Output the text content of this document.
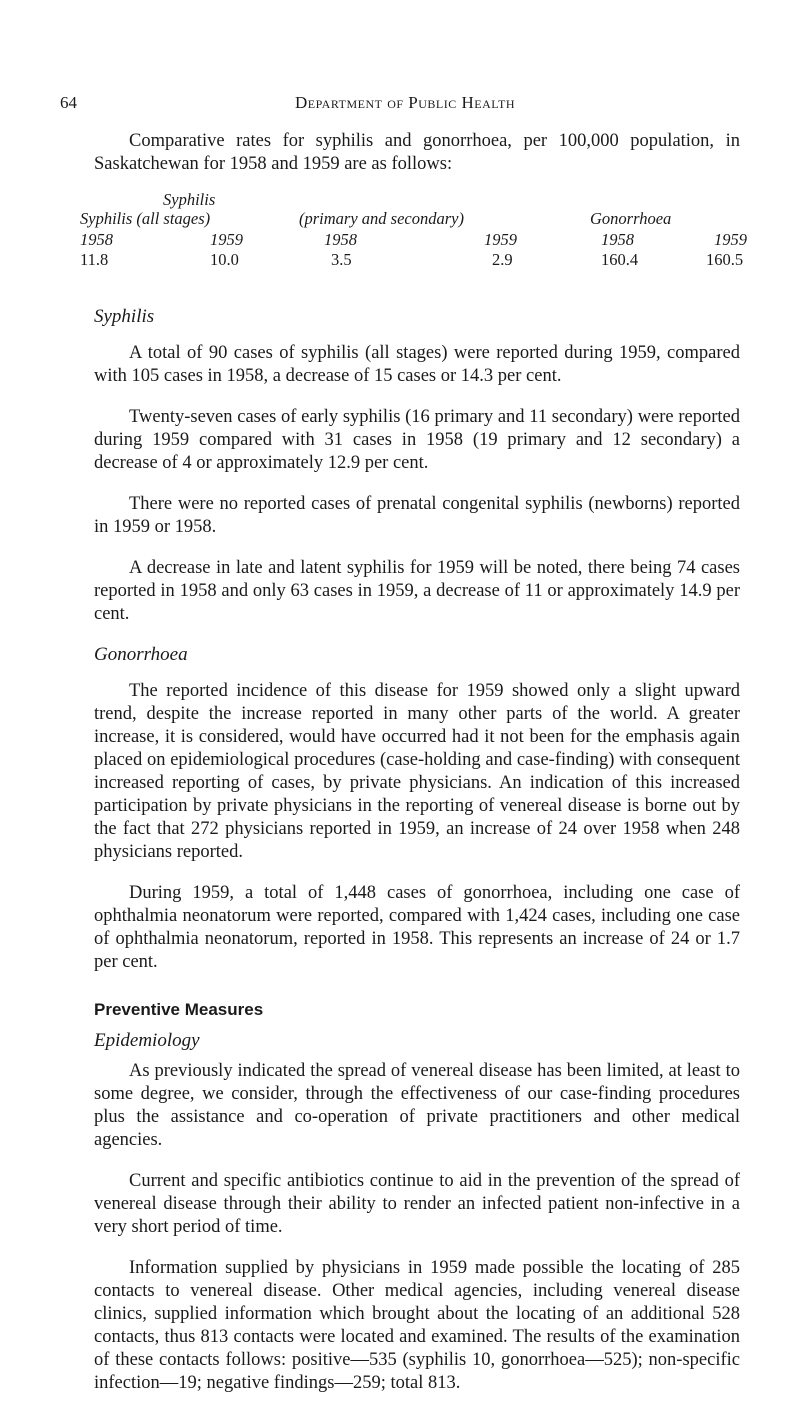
64	Department of Public Health

Comparative rates for syphilis and gonorrhoea, per 100,000 population, in Saskatchewan for 1958 and 1959 are as follows:

Syphilis
Syphilis (all stages)	(primary and secondary)	Gonorrhoea
1958	1959	1958	1959	1958	1959
11.8	10.0	3.5	2.9	160.4	160.5
Syphilis

A total of 90 cases of syphilis (all stages) were reported during 1959, compared with 105 cases in 1958, a decrease of 15 cases or 14.3 per cent.

Twenty-seven cases of early syphilis (16 primary and 11 secondary) were reported during 1959 compared with 31 cases in 1958 (19 primary and 12 secondary) a decrease of 4 or approximately 12.9 per cent.

There were no reported cases of prenatal congenital syphilis (newborns) reported in 1959 or 1958.

A decrease in late and latent syphilis for 1959 will be noted, there being 74 cases reported in 1958 and only 63 cases in 1959, a decrease of 11 or approximately 14.9 per cent.

Gonorrhoea

The reported incidence of this disease for 1959 showed only a slight upward trend, despite the increase reported in many other parts of the world. A greater increase, it is considered, would have occurred had it not been for the emphasis again placed on epidemiological procedures (case-holding and case-finding) with consequent increased reporting of cases, by private physicians. An indication of this increased participation by private physicians in the reporting of venereal disease is borne out by the fact that 272 physicians reported in 1959, an increase of 24 over 1958 when 248 physicians reported.

During 1959, a total of 1,448 cases of gonorrhoea, including one case of ophthalmia neonatorum were reported, compared with 1,424 cases, including one case of ophthalmia neonatorum, reported in 1958. This represents an increase of 24 or 1.7 per cent.

Preventive Measures
Epidemiology

As previously indicated the spread of venereal disease has been limited, at least to some degree, we consider, through the effectiveness of our case-finding procedures plus the assistance and co-operation of private practitioners and other medical agencies.

Current and specific antibiotics continue to aid in the prevention of the spread of venereal disease through their ability to render an infected patient non-infective in a very short period of time.

Information supplied by physicians in 1959 made possible the locating of 285 contacts to venereal disease. Other medical agencies, including venereal disease clinics, supplied information which brought about the locating of an additional 528 contacts, thus 813 contacts were located and examined. The results of the examination of these contacts follows: positive—535 (syphilis 10, gonorrhoea—525); non-specific infection—19; negative findings—259; total 813.
